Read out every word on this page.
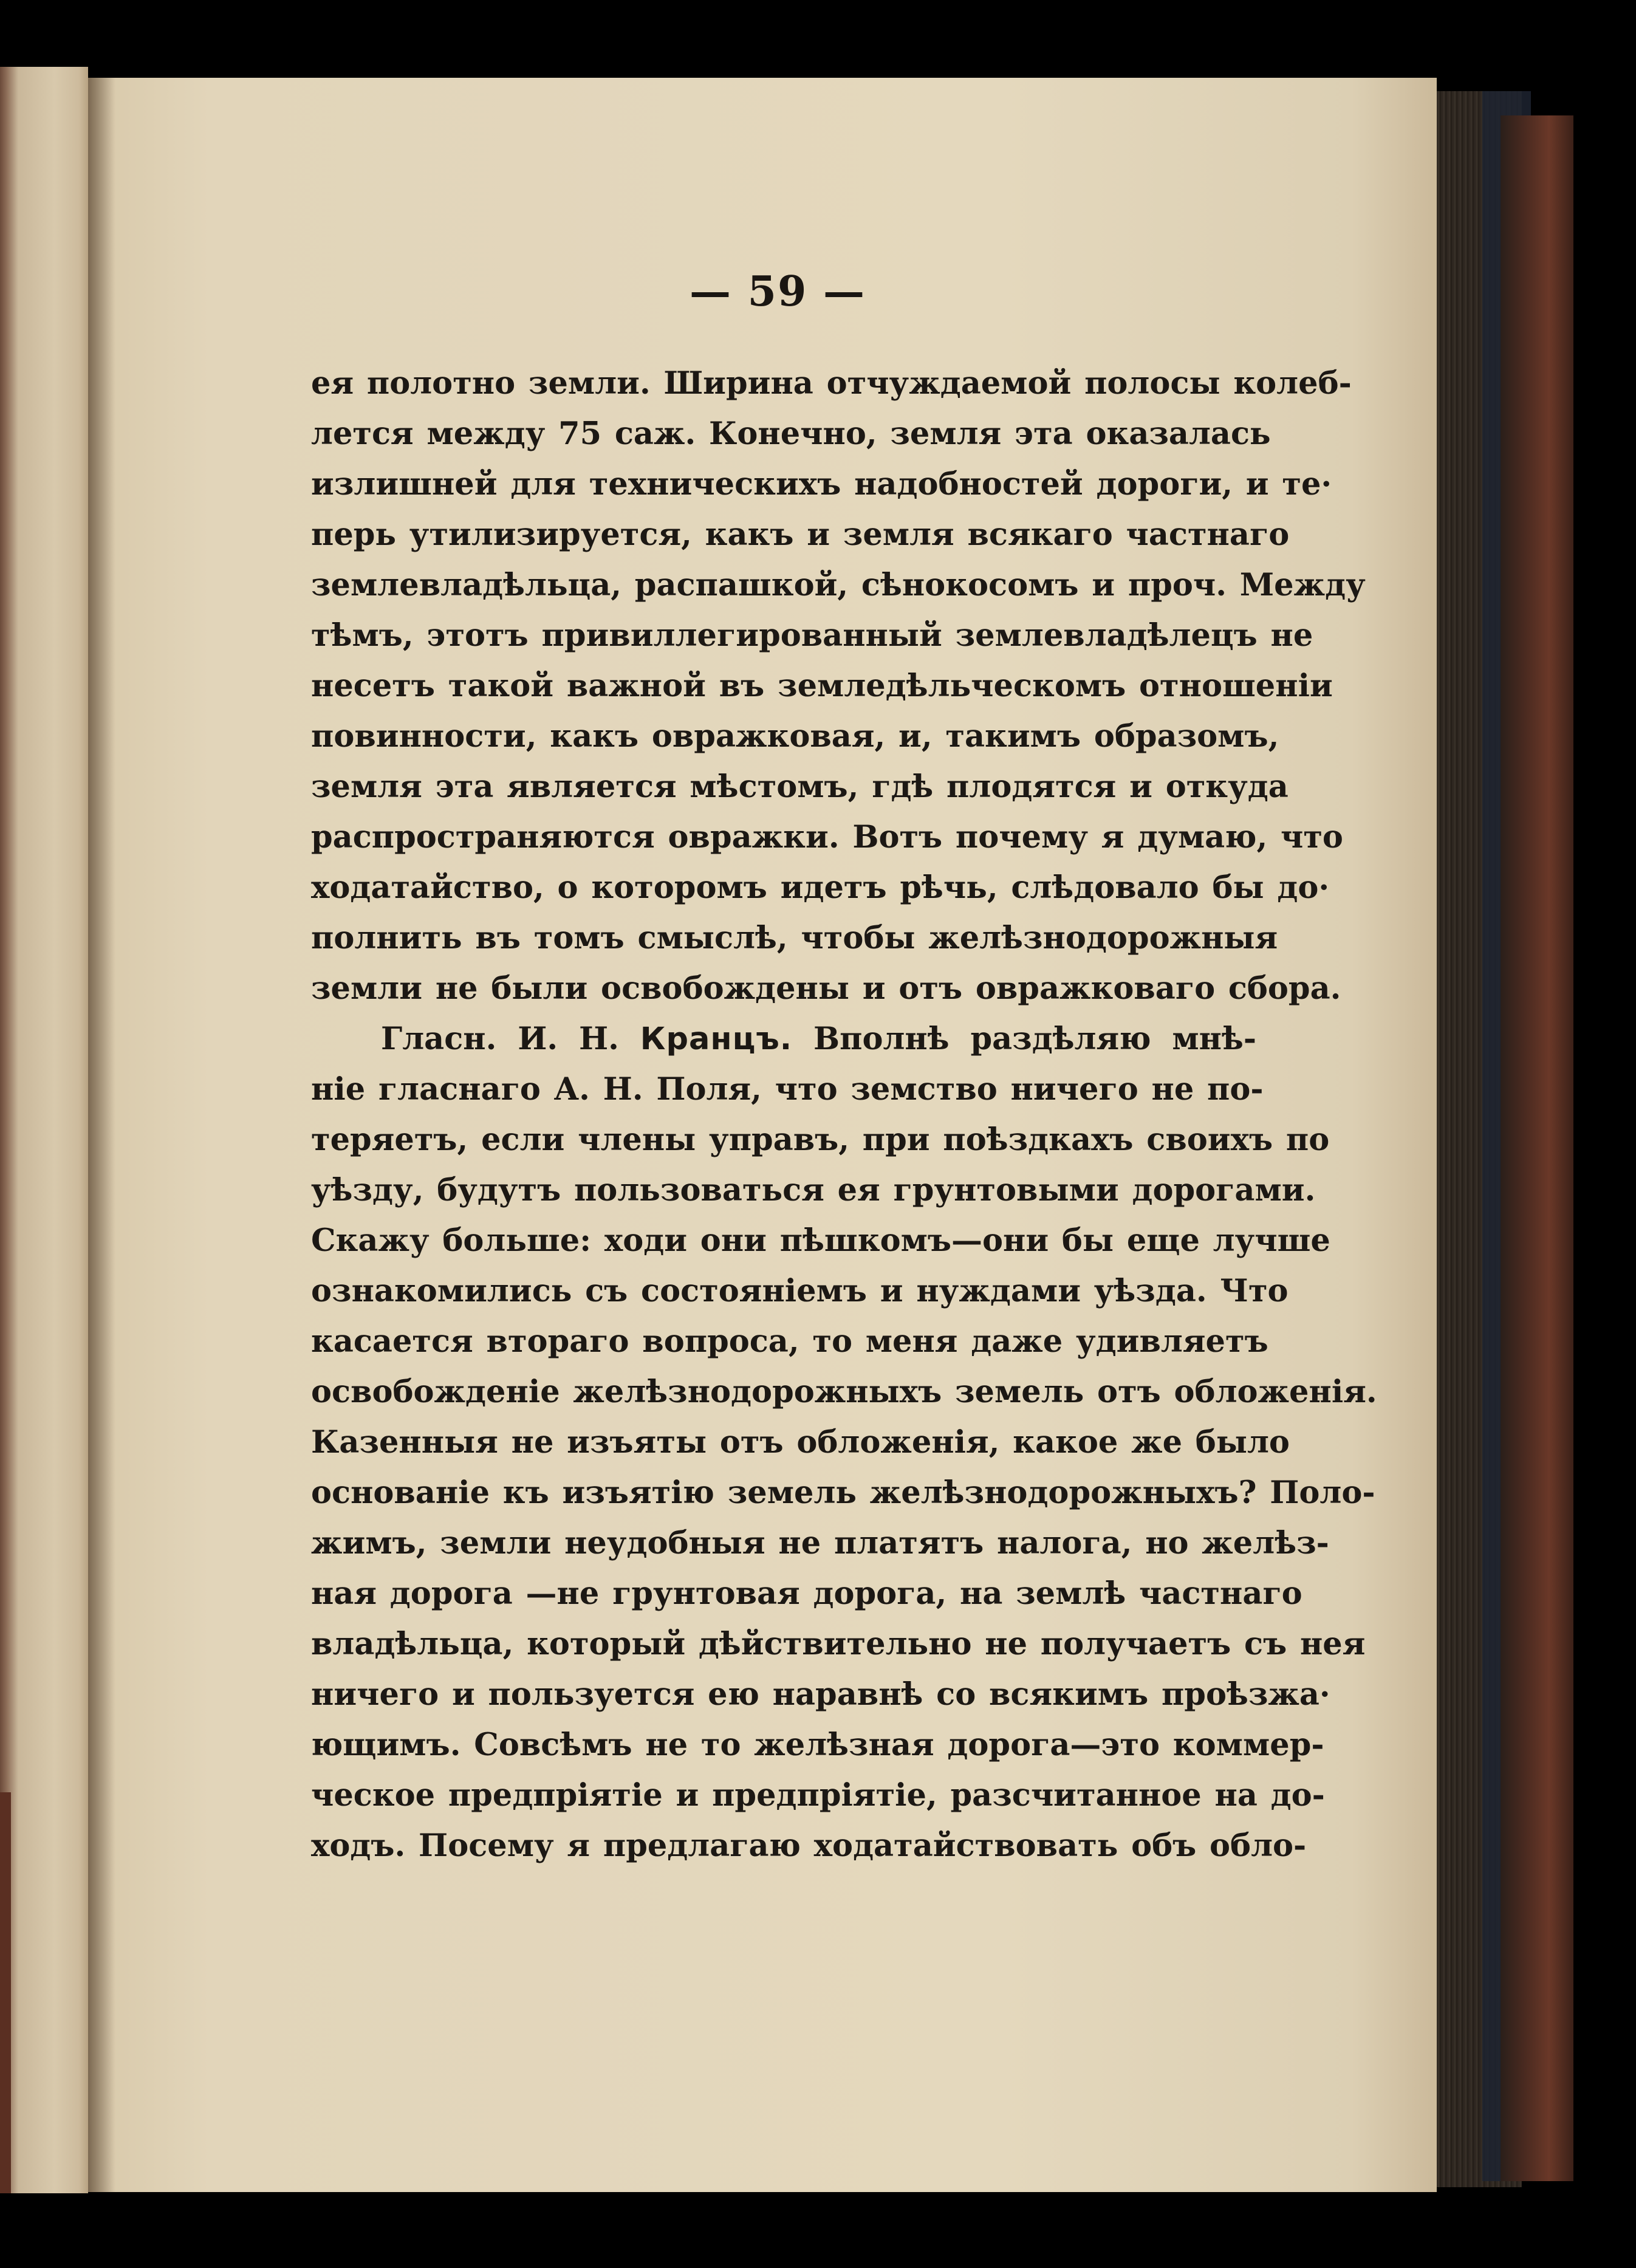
— 59 —
ея полотно земли. Ширина отчуждаемой полосы колеб-
лется между 75 саж. Конечно, земля эта оказалась
излишней для техническихъ надобностей дороги, и те·
перь утилизируется, какъ и земля всякаго частнаго
землевладѣльца, распашкой, сѣнокосомъ и проч. Между
тѣмъ, этотъ привиллегированный землевладѣлецъ не
несетъ такой важной въ земледѣльческомъ отношенiи
повинности, какъ овражковая, и, такимъ образомъ,
земля эта является мѣстомъ, гдѣ плодятся и откуда
распространяются овражки. Вотъ почему я думаю, что
ходатайство, о которомъ идетъ рѣчь, слѣдовало бы до·
полнить въ томъ смыслѣ, чтобы желѣзнодорожныя
земли не были освобождены и отъ овражковаго сбора.
Гласн. И. Н. Кранцъ. Вполнѣ раздѣляю мнѣ-
нiе гласнаго А. Н. Поля, что земство ничего не по-
теряетъ, если члены управъ, при поѣздкахъ своихъ по
уѣзду, будутъ пользоваться ея грунтовыми дорогами.
Скажу больше: ходи они пѣшкомъ—они бы еще лучше
ознакомились съ состоянiемъ и нуждами уѣзда. Что
касается втораго вопроса, то меня даже удивляетъ
освобожденiе желѣзнодорожныхъ земель отъ обложенiя.
Казенныя не изъяты отъ обложенiя, какое же было
основанiе къ изъятiю земель желѣзнодорожныхъ? Поло-
жимъ, земли неудобныя не платятъ налога, но желѣз-
ная дорога —не грунтовая дорога, на землѣ частнаго
владѣльца, который дѣйствительно не получаетъ съ нея
ничего и пользуется ею наравнѣ со всякимъ проѣзжа·
ющимъ. Совсѣмъ не то желѣзная дорога—это коммер-
ческое предпрiятiе и предпрiятiе, разсчитанное на до-
ходъ. Посему я предлагаю ходатайствовать объ обло-
